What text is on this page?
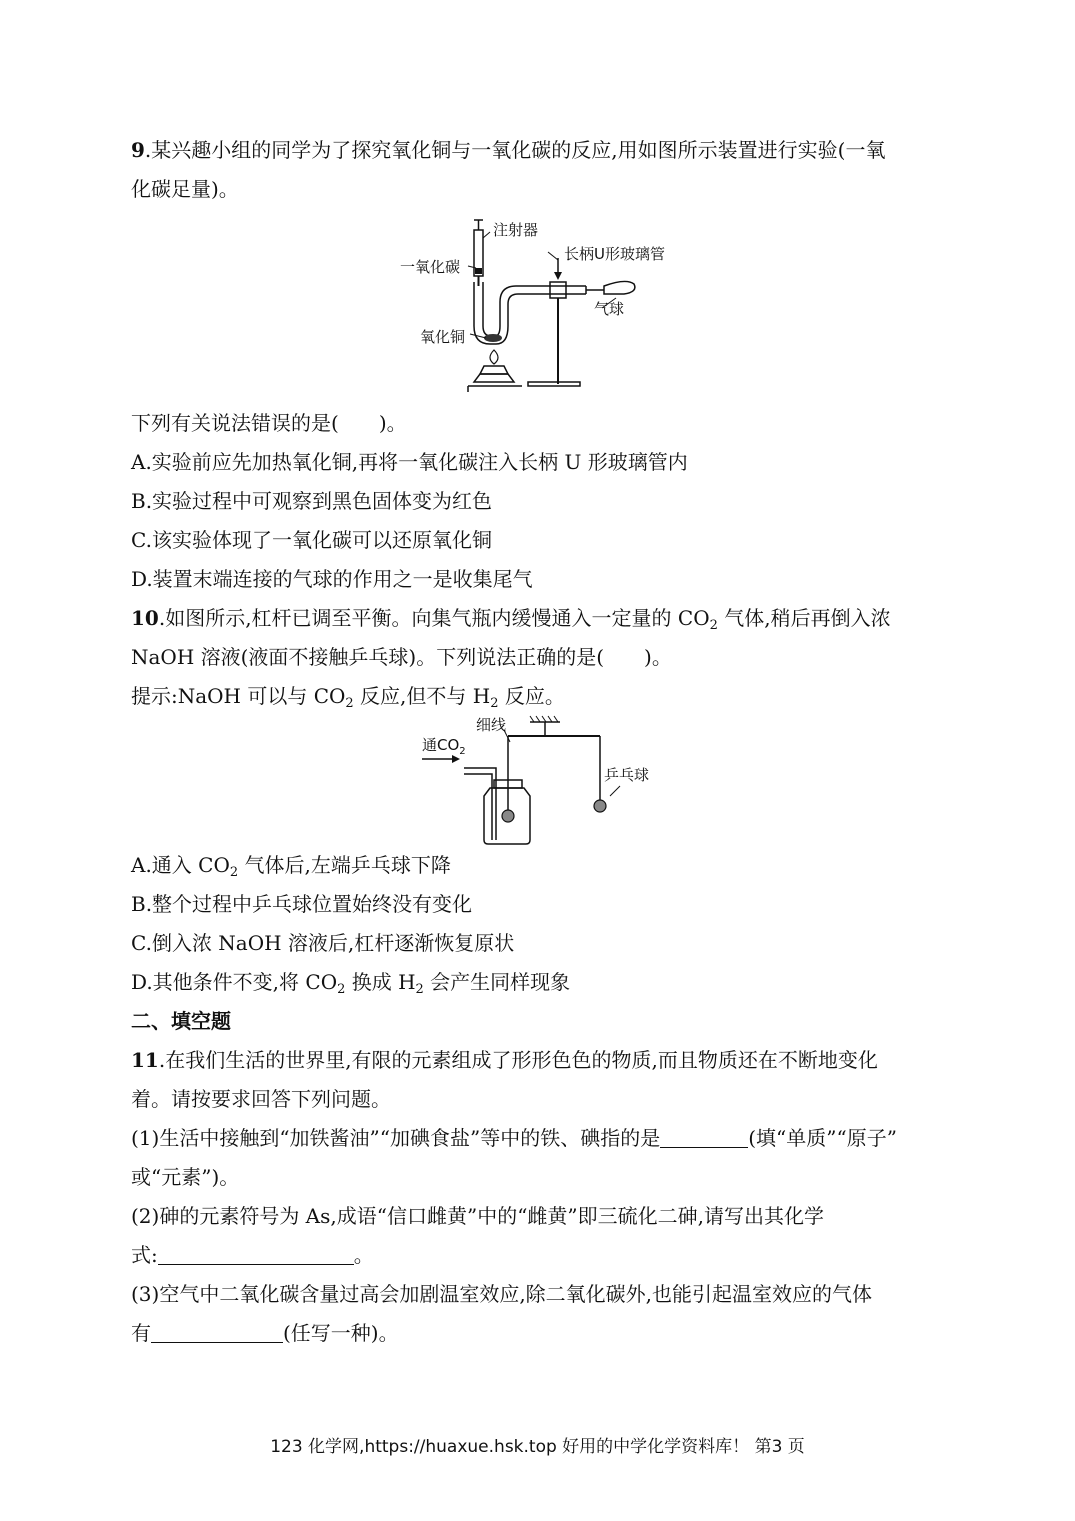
9.某兴趣小组的同学为了探究氧化铜与一氧化碳的反应,用如图所示装置进行实验(一氧
化碳足量)。
注射器
一氧化碳
长柄U形玻璃管
气球
氧化铜
下列有关说法错误的是( )。
A.实验前应先加热氧化铜,再将一氧化碳注入长柄 U 形玻璃管内
B.实验过程中可观察到黑色固体变为红色
C.该实验体现了一氧化碳可以还原氧化铜
D.装置末端连接的气球的作用之一是收集尾气
10.如图所示,杠杆已调至平衡。向集气瓶内缓慢通入一定量的 $CO_2$ 气体,稍后再倒入浓
NaOH 溶液(液面不接触乒乓球)。下列说法正确的是( )。
提示:NaOH 可以与 $CO_2$ 反应,但不与 $H_2$ 反应。
细线
通$CO_2$
乒乓球
A.通入 $CO_2$ 气体后,左端乒乓球下降
B.整个过程中乒乓球位置始终没有变化
C.倒入浓 NaOH 溶液后,杠杆逐渐恢复原状
D.其他条件不变,将 $CO_2$ 换成 $H_2$ 会产生同样现象
二、填空题
11.在我们生活的世界里,有限的元素组成了形形色色的物质,而且物质还在不断地变化
着。请按要求回答下列问题。
(1)生活中接触到“加铁酱油”“加碘食盐”等中的铁、碘指的是	(填“单质”“原子”
或“元素”)。
(2)砷的元素符号为 As,成语“信口雌黄”中的“雌黄”即三硫化二砷,请写出其化学
式:	。
(3)空气中二氧化碳含量过高会加剧温室效应,除二氧化碳外,也能引起温室效应的气体
有	(任写一种)。
123 化学网,https://huaxue.hsk.top 好用的中学化学资料库！ 第3 页
